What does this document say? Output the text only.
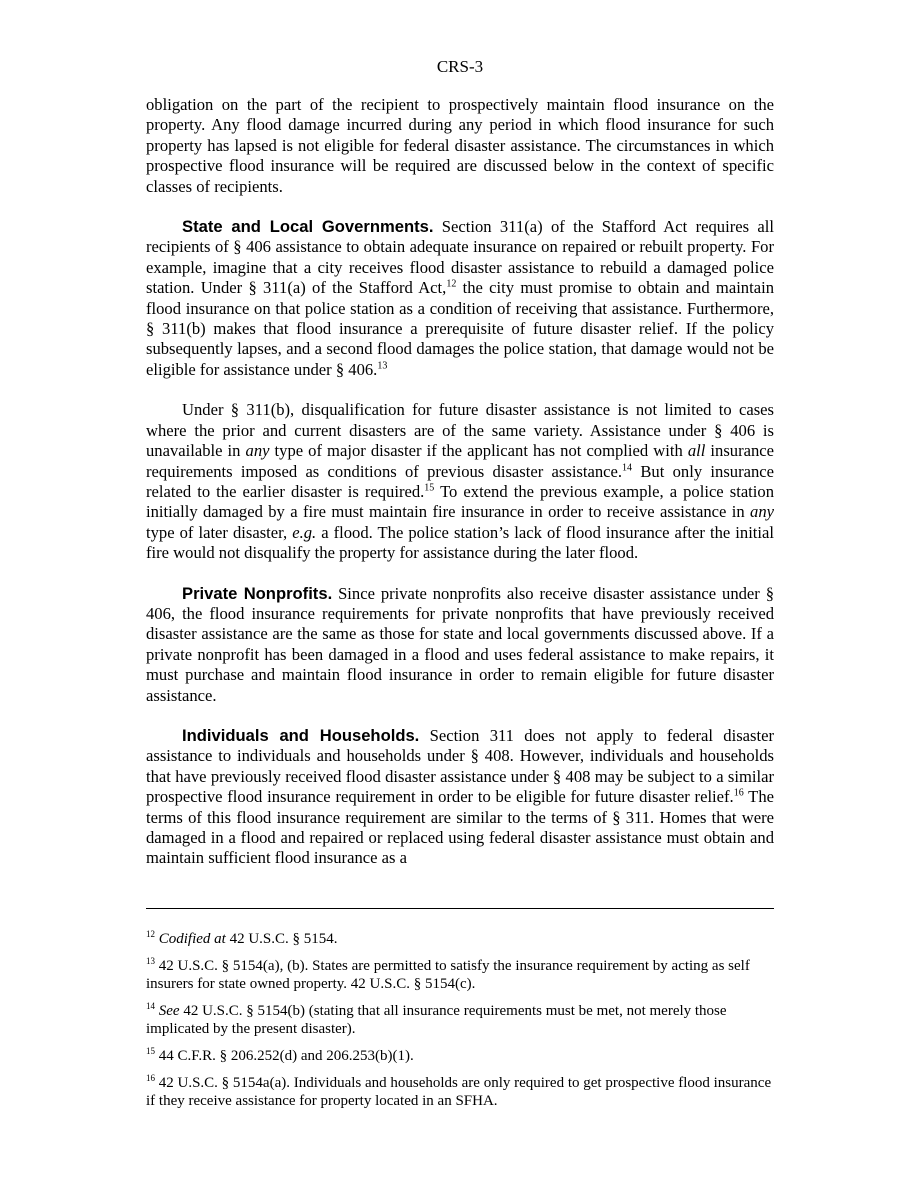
CRS-3

obligation on the part of the recipient to prospectively maintain flood insurance on the property. Any flood damage incurred during any period in which flood insurance for such property has lapsed is not eligible for federal disaster assistance. The circumstances in which prospective flood insurance will be required are discussed below in the context of specific classes of recipients.

State and Local Governments. Section 311(a) of the Stafford Act requires all recipients of § 406 assistance to obtain adequate insurance on repaired or rebuilt property. For example, imagine that a city receives flood disaster assistance to rebuild a damaged police station. Under § 311(a) of the Stafford Act,$^{12}$ the city must promise to obtain and maintain flood insurance on that police station as a condition of receiving that assistance. Furthermore, § 311(b) makes that flood insurance a prerequisite of future disaster relief. If the policy subsequently lapses, and a second flood damages the police station, that damage would not be eligible for assistance under § 406.13

Under § 311(b), disqualification for future disaster assistance is not limited to cases where the prior and current disasters are of the same variety. Assistance under § 406 is unavailable in any type of major disaster if the applicant has not complied with all insurance requirements imposed as conditions of previous disaster assistance.$^{14}$ But only insurance related to the earlier disaster is required.$^{15}$ To extend the previous example, a police station initially damaged by a fire must maintain fire insurance in order to receive assistance in any type of later disaster, e.g. a flood. The police station’s lack of flood insurance after the initial fire would not disqualify the property for assistance during the later flood.

Private Nonprofits. Since private nonprofits also receive disaster assistance under § 406, the flood insurance requirements for private nonprofits that have previously received disaster assistance are the same as those for state and local governments discussed above. If a private nonprofit has been damaged in a flood and uses federal assistance to make repairs, it must purchase and maintain flood insurance in order to remain eligible for future disaster assistance.

Individuals and Households. Section 311 does not apply to federal disaster assistance to individuals and households under § 408. However, individuals and households that have previously received flood disaster assistance under § 408 may be subject to a similar prospective flood insurance requirement in order to be eligible for future disaster relief.$^{16}$ The terms of this flood insurance requirement are similar to the terms of § 311. Homes that were damaged in a flood and repaired or replaced using federal disaster assistance must obtain and maintain sufficient flood insurance as a

$^{12}$ Codified at 42 U.S.C. § 5154.

$^{13}$ 42 U.S.C. § 5154(a), (b). States are permitted to satisfy the insurance requirement by acting as self insurers for state owned property. 42 U.S.C. § 5154(c).

$^{14}$ See 42 U.S.C. § 5154(b) (stating that all insurance requirements must be met, not merely those implicated by the present disaster).

$^{15}$ 44 C.F.R. § 206.252(d) and 206.253(b)(1).

$^{16}$ 42 U.S.C. § 5154a(a). Individuals and households are only required to get prospective flood insurance if they receive assistance for property located in an SFHA.
